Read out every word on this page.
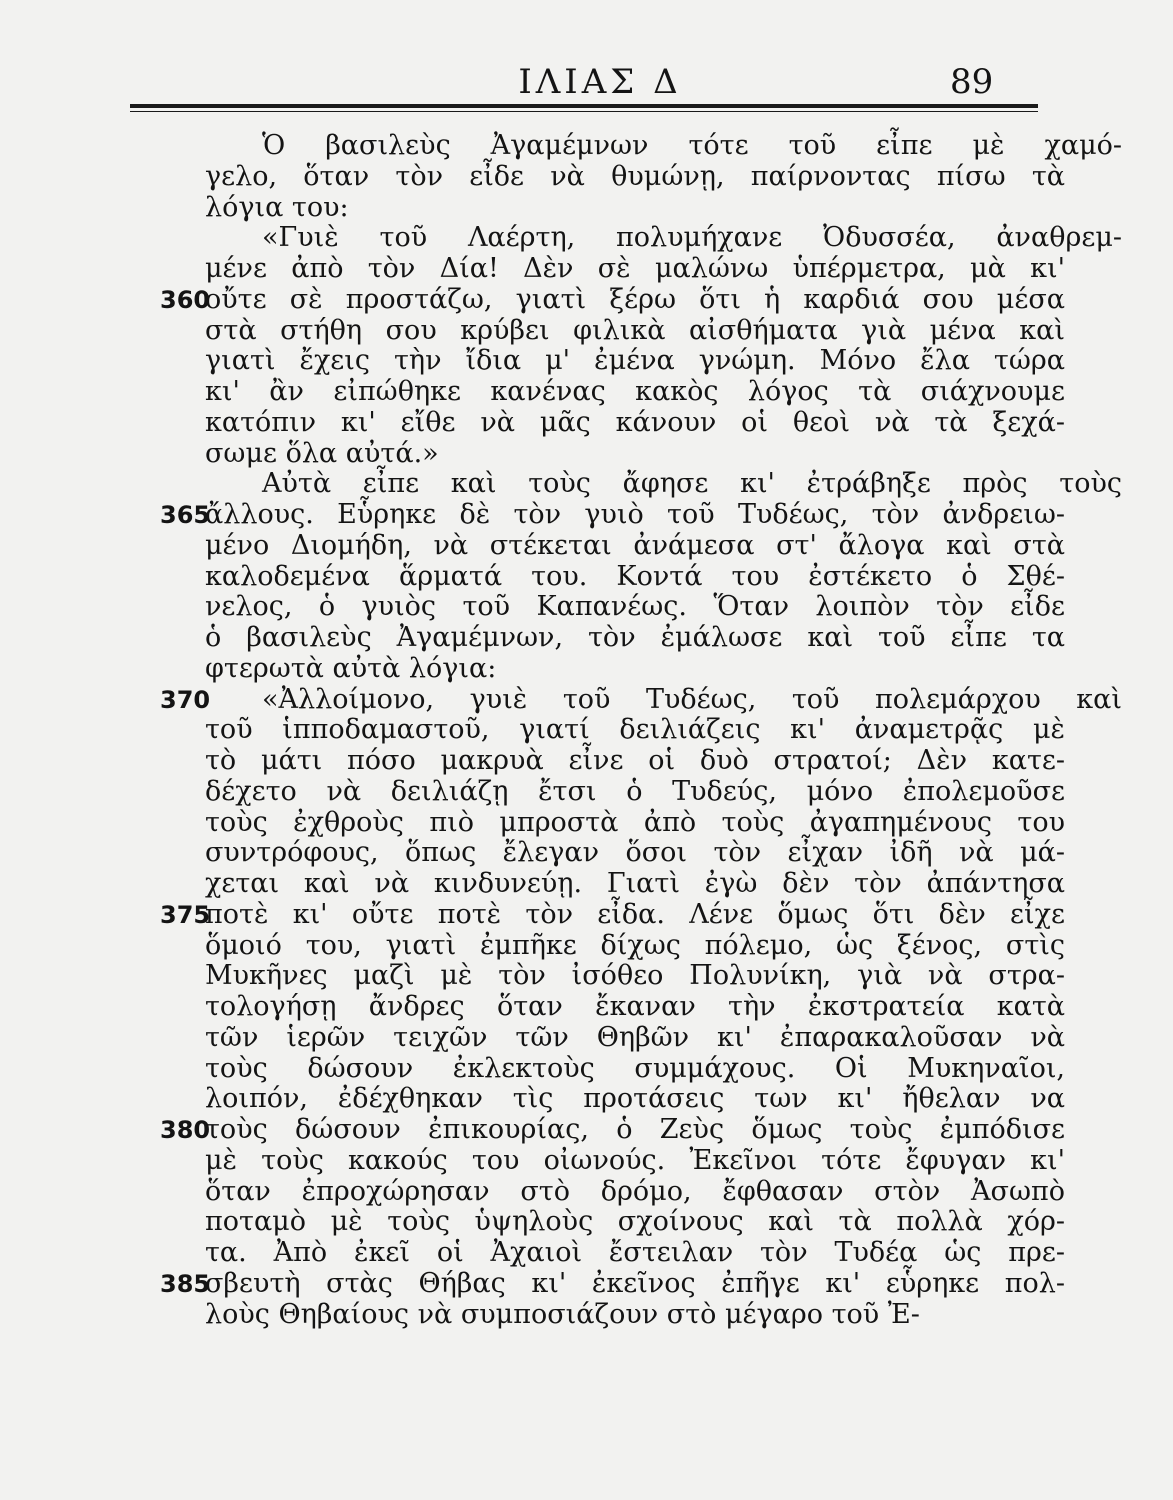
ΙΛΙΑΣ Δ	89
Ὁ βασιλεὺς Ἀγαμέμνων τότε τοῦ εἶπε μὲ χαμό-
γελο, ὅταν τὸν εἶδε νὰ θυμώνῃ, παίρνοντας πίσω τὰ
λόγια του:
«Γυιὲ τοῦ Λαέρτη, πολυμήχανε Ὀδυσσέα, ἀναθρεμ-
μένε ἀπὸ τὸν Δία! Δὲν σὲ μαλώνω ὑπέρμετρα, μὰ κι'
360
οὔτε σὲ προστάζω, γιατὶ ξέρω ὅτι ἡ καρδιά σου μέσα
στὰ στήθη σου κρύβει φιλικὰ αἰσθήματα γιὰ μένα καὶ
γιατὶ ἔχεις τὴν ἴδια μ' ἐμένα γνώμη. Μόνο ἔλα τώρα
κι' ἂν εἰπώθηκε κανένας κακὸς λόγος τὰ σιάχνουμε
κατόπιν κι' εἴθε νὰ μᾶς κάνουν οἱ θεοὶ νὰ τὰ ξεχά-
σωμε ὅλα αὐτά.»
Αὐτὰ εἶπε καὶ τοὺς ἄφησε κι' ἐτράβηξε πρὸς τοὺς
365
ἄλλους. Εὗρηκε δὲ τὸν γυιὸ τοῦ Τυδέως, τὸν ἀνδρειω-
μένο Διομήδη, νὰ στέκεται ἀνάμεσα στ' ἄλογα καὶ στὰ
καλοδεμένα ἅρματά του. Κοντά του ἐστέκετο ὁ Σθέ-
νελος, ὁ γυιὸς τοῦ Καπανέως. Ὅταν λοιπὸν τὸν εἶδε
ὁ βασιλεὺς Ἀγαμέμνων, τὸν ἐμάλωσε καὶ τοῦ εἶπε τα
φτερωτὰ αὐτὰ λόγια:
370 «Ἀλλοίμονο, γυιὲ τοῦ Τυδέως, τοῦ πολεμάρχου καὶ
τοῦ ἱπποδαμαστοῦ, γιατί δειλιάζεις κι' ἀναμετρᾷς μὲ
τὸ μάτι πόσο μακρυὰ εἶνε οἱ δυὸ στρατοί; Δὲν κατε-
δέχετο νὰ δειλιάζῃ ἔτσι ὁ Τυδεύς, μόνο ἐπολεμοῦσε
τοὺς ἐχθροὺς πιὸ μπροστὰ ἀπὸ τοὺς ἀγαπημένους του
συντρόφους, ὅπως ἔλεγαν ὅσοι τὸν εἶχαν ἰδῆ νὰ μά-
χεται καὶ νὰ κινδυνεύῃ. Γιατὶ ἐγὼ δὲν τὸν ἀπάντησα
375
ποτὲ κι' οὔτε ποτὲ τὸν εἶδα. Λένε ὅμως ὅτι δὲν εἶχε
ὅμοιό του, γιατὶ ἐμπῆκε δίχως πόλεμο, ὡς ξένος, στὶς
Μυκῆνες μαζὶ μὲ τὸν ἰσόθεο Πολυνίκη, γιὰ νὰ στρα-
τολογήσῃ ἄνδρες ὅταν ἔκαναν τὴν ἐκστρατεία κατὰ
τῶν ἱερῶν τειχῶν τῶν Θηβῶν κι' ἐπαρακαλοῦσαν νὰ
τοὺς δώσουν ἐκλεκτοὺς συμμάχους. Οἱ Μυκηναῖοι,
λοιπόν, ἐδέχθηκαν τὶς προτάσεις των κι' ἤθελαν να
380
τοὺς δώσουν ἐπικουρίας, ὁ Ζεὺς ὅμως τοὺς ἐμπόδισε
μὲ τοὺς κακούς του οἰωνούς. Ἐκεῖνοι τότε ἔφυγαν κι'
ὅταν ἐπροχώρησαν στὸ δρόμο, ἔφθασαν στὸν Ἀσωπὸ
ποταμὸ μὲ τοὺς ὑψηλοὺς σχοίνους καὶ τὰ πολλὰ χόρ-
τα. Ἀπὸ ἐκεῖ οἱ Ἀχαιοὶ ἔστειλαν τὸν Τυδέα ὡς πρε-
385
σβευτὴ στὰς Θήβας κι' ἐκεῖνος ἐπῆγε κι' εὗρηκε πολ-
λοὺς Θηβαίους νὰ συμποσιάζουν στὸ μέγαρο τοῦ Ἐ-
